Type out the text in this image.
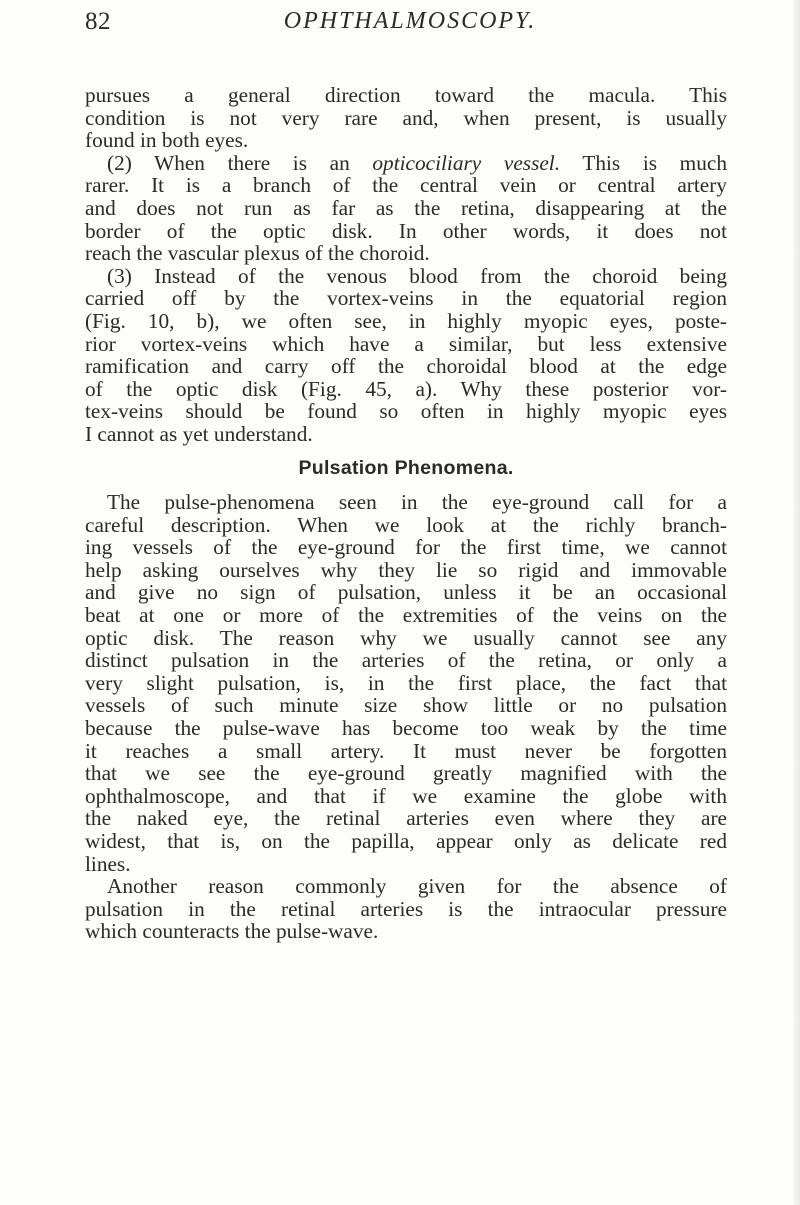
82	OPHTHALMOSCOPY.
pursues a general direction toward the macula. This
condition is not very rare and, when present, is usually
found in both eyes.
(2) When there is an opticociliary vessel. This is much
rarer. It is a branch of the central vein or central artery
and does not run as far as the retina, disappearing at the
border of the optic disk. In other words, it does not
reach the vascular plexus of the choroid.
(3) Instead of the venous blood from the choroid being
carried off by the vortex-veins in the equatorial region
(Fig. 10, b), we often see, in highly myopic eyes, poste-
rior vortex-veins which have a similar, but less extensive
ramification and carry off the choroidal blood at the edge
of the optic disk (Fig. 45, a). Why these posterior vor-
tex-veins should be found so often in highly myopic eyes
I cannot as yet understand.
Pulsation Phenomena.
The pulse-phenomena seen in the eye-ground call for a
careful description. When we look at the richly branch-
ing vessels of the eye-ground for the first time, we cannot
help asking ourselves why they lie so rigid and immovable
and give no sign of pulsation, unless it be an occasional
beat at one or more of the extremities of the veins on the
optic disk. The reason why we usually cannot see any
distinct pulsation in the arteries of the retina, or only a
very slight pulsation, is, in the first place, the fact that
vessels of such minute size show little or no pulsation
because the pulse-wave has become too weak by the time
it reaches a small artery. It must never be forgotten
that we see the eye-ground greatly magnified with the
ophthalmoscope, and that if we examine the globe with
the naked eye, the retinal arteries even where they are
widest, that is, on the papilla, appear only as delicate red
lines.
Another reason commonly given for the absence of
pulsation in the retinal arteries is the intraocular pressure
which counteracts the pulse-wave.
